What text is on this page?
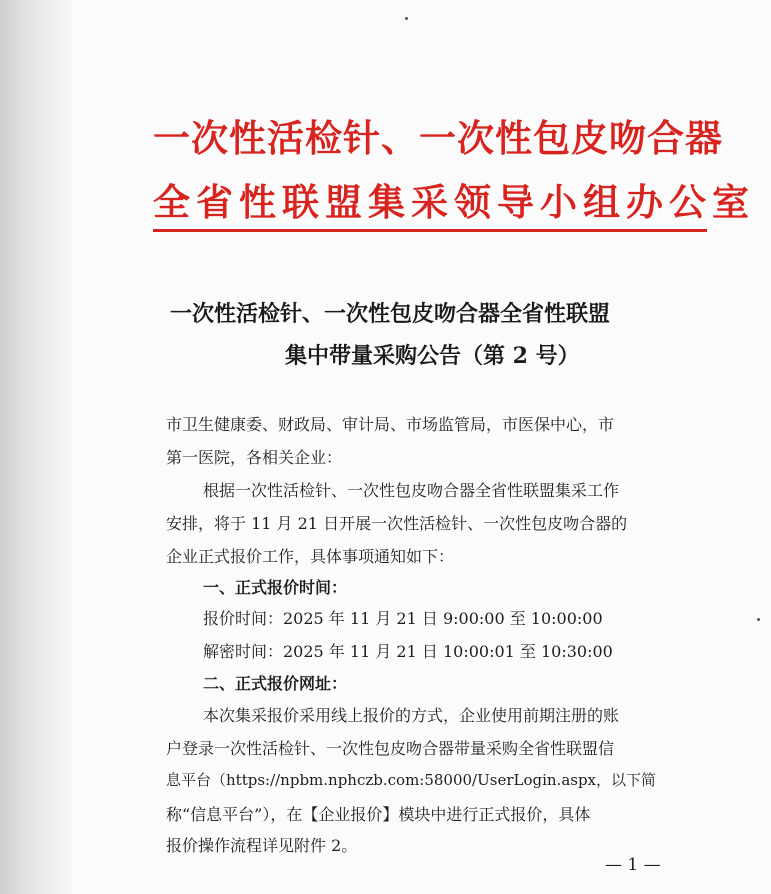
一次性活检针、一次性包皮吻合器
全省性联盟集采领导小组办公室
一次性活检针、一次性包皮吻合器全省性联盟
集中带量采购公告（第 2 号）
市卫生健康委、财政局、审计局、市场监管局，市医保中心，市
第一医院，各相关企业：
根据一次性活检针、一次性包皮吻合器全省性联盟集采工作
安排，将于 11 月 21 日开展一次性活检针、一次性包皮吻合器的
企业正式报价工作，具体事项通知如下：
一、正式报价时间：
报价时间：2025 年 11 月 21 日 9:00:00 至 10:00:00
解密时间：2025 年 11 月 21 日 10:00:01 至 10:30:00
二、正式报价网址：
本次集采报价采用线上报价的方式，企业使用前期注册的账
户登录一次性活检针、一次性包皮吻合器带量采购全省性联盟信
息平台（https://npbm.nphczb.com:58000/UserLogin.aspx，以下简
称“信息平台”），在【企业报价】模块中进行正式报价，具体
报价操作流程详见附件 2。
— 1 —
